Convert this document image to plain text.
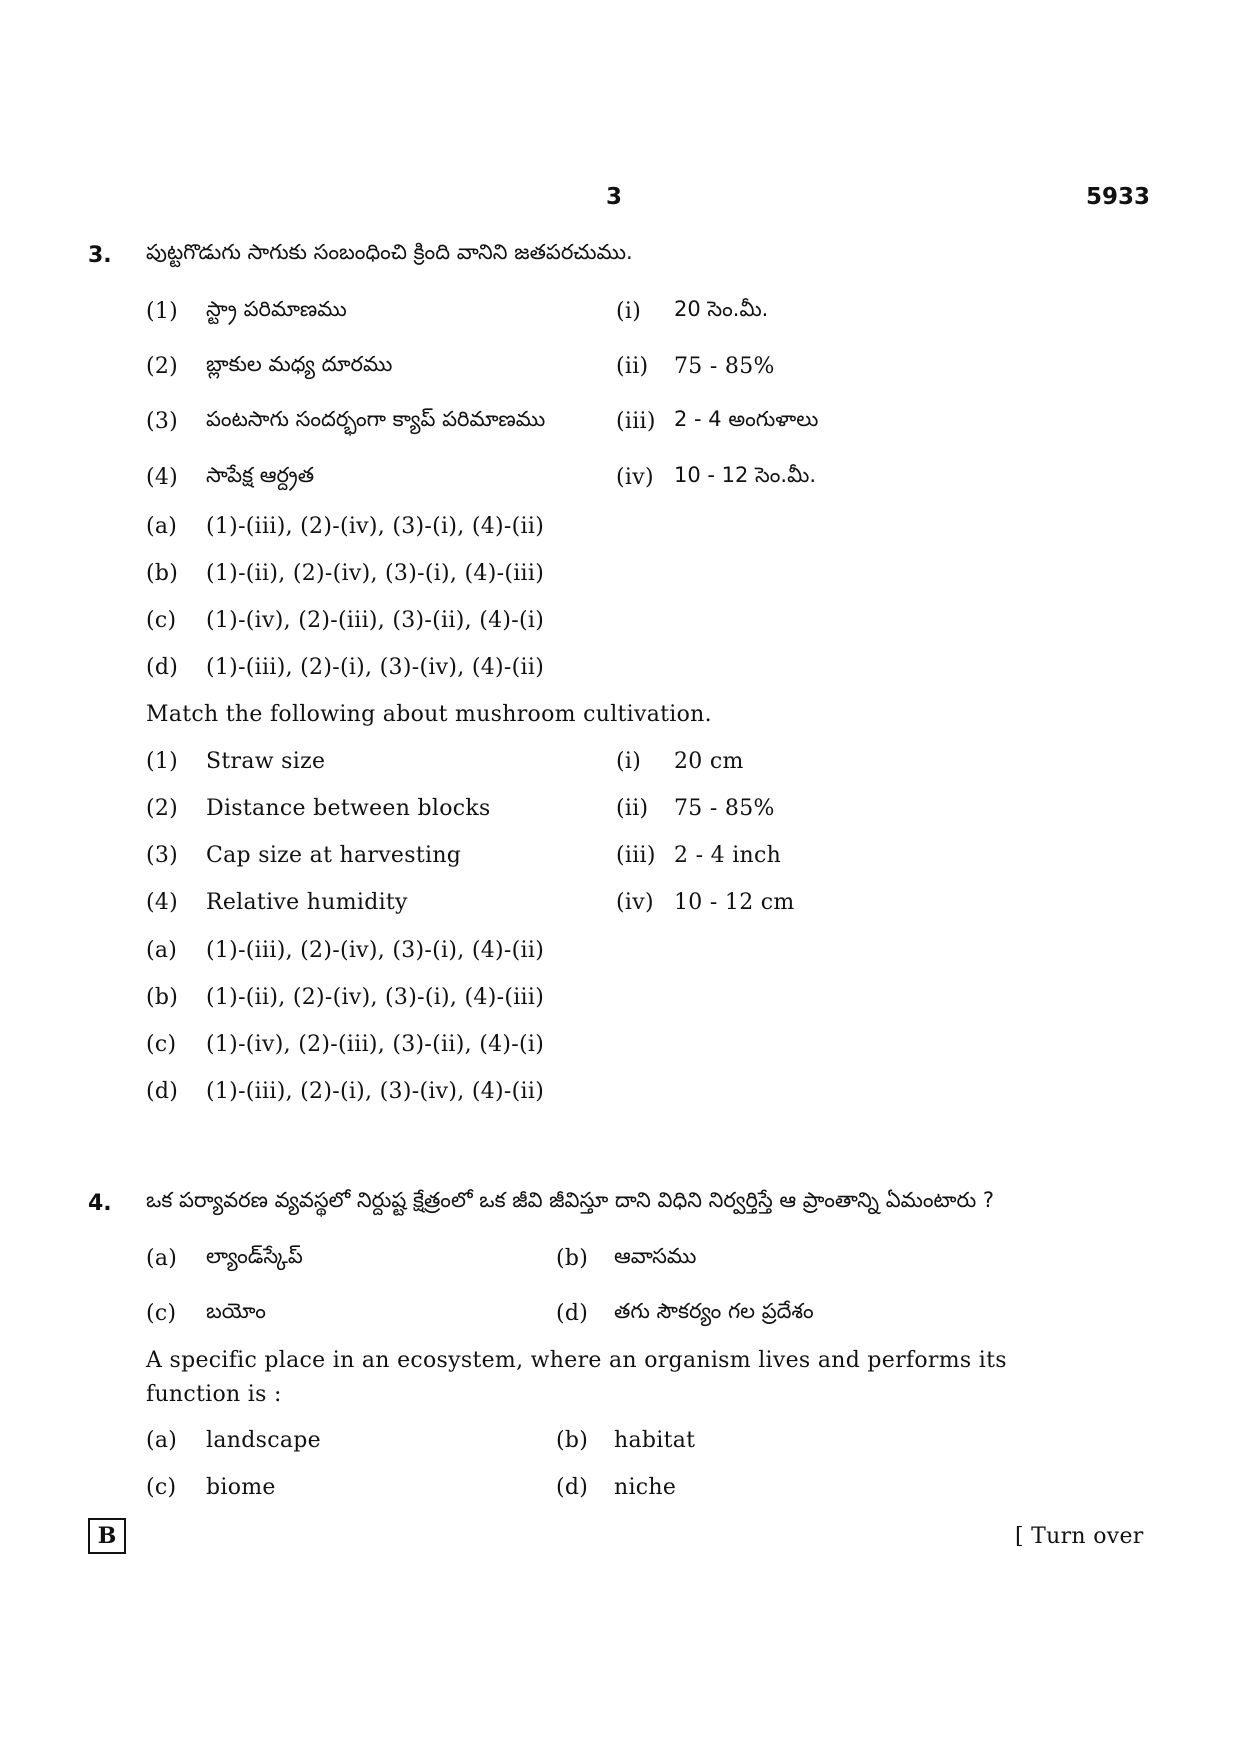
3	5933
3. పుట్టగొడుగు సాగుకు సంబంధించి క్రింది వానిని జతపరచుము.
(1) స్ట్రా పరిమాణము	(i) 20 సెం.మీ.
(2) బ్లాకుల మధ్య దూరము	(ii) 75 - 85%
(3) పంటసాగు సందర్భంగా క్యాప్ పరిమాణము	(iii) 2 - 4 అంగుళాలు
(4) సాపేక్ష ఆర్ద్రత	(iv) 10 - 12 సెం.మీ.
(a) (1)-(iii), (2)-(iv), (3)-(i), (4)-(ii)
(b) (1)-(ii), (2)-(iv), (3)-(i), (4)-(iii)
(c) (1)-(iv), (2)-(iii), (3)-(ii), (4)-(i)
(d) (1)-(iii), (2)-(i), (3)-(iv), (4)-(ii)
Match the following about mushroom cultivation.
(1) Straw size	(i) 20 cm
(2) Distance between blocks	(ii) 75 - 85%
(3) Cap size at harvesting	(iii) 2 - 4 inch
(4) Relative humidity	(iv) 10 - 12 cm
(a) (1)-(iii), (2)-(iv), (3)-(i), (4)-(ii)
(b) (1)-(ii), (2)-(iv), (3)-(i), (4)-(iii)
(c) (1)-(iv), (2)-(iii), (3)-(ii), (4)-(i)
(d) (1)-(iii), (2)-(i), (3)-(iv), (4)-(ii)
4. ఒక పర్యావరణ వ్యవస్థలో నిర్దుష్ట క్షేత్రంలో ఒక జీవి జీవిస్తూ దాని విధిని నిర్వర్తిస్తే ఆ ప్రాంతాన్ని ఏమంటారు ?
(a) ల్యాండ్‌స్కేప్	(b) ఆవాసము
(c) బయోం	(d) తగు సౌకర్యం గల ప్రదేశం
A specific place in an ecosystem, where an organism lives and performs its function is :
(a) landscape	(b) habitat
(c) biome	(d) niche
B	[ Turn over
